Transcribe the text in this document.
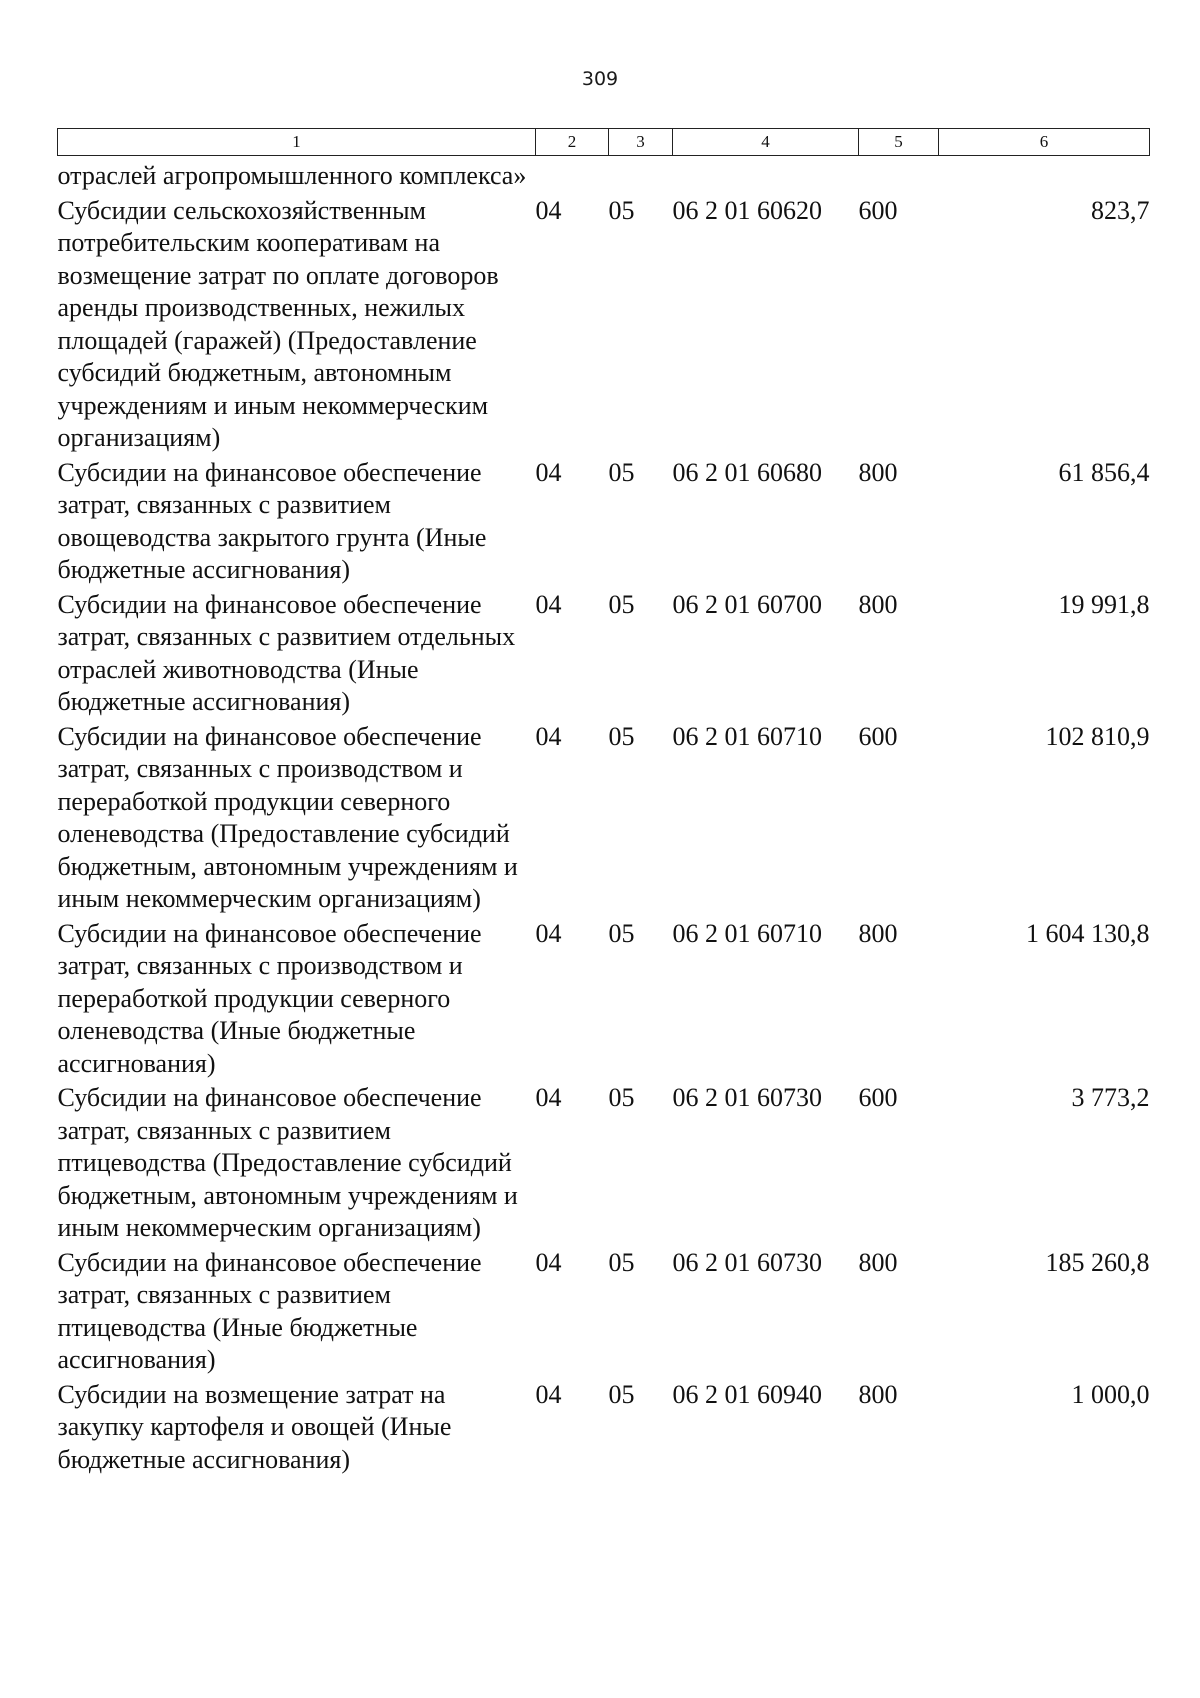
309
1	2	3	4	5	6
отраслей агропромышленного комплекса»					
Субсидии сельскохозяйственным потребительским кооперативам на возмещение затрат по оплате договоров аренды производственных, нежилых площадей (гаражей) (Предоставление субсидий бюджетным, автономным учреждениям и иным некоммерческим организациям)	04	05	06 2 01 60620	600	823,7
Субсидии на финансовое обеспечение затрат, связанных с развитием овощеводства закрытого грунта (Иные бюджетные ассигнования)	04	05	06 2 01 60680	800	61 856,4
Субсидии на финансовое обеспечение затрат, связанных с развитием отдельных отраслей животноводства (Иные бюджетные ассигнования)	04	05	06 2 01 60700	800	19 991,8
Субсидии на финансовое обеспечение затрат, связанных с производством и переработкой продукции северного оленеводства (Предоставление субсидий бюджетным, автономным учреждениям и иным некоммерческим организациям)	04	05	06 2 01 60710	600	102 810,9
Субсидии на финансовое обеспечение затрат, связанных с производством и переработкой продукции северного оленеводства (Иные бюджетные ассигнования)	04	05	06 2 01 60710	800	1 604 130,8
Субсидии на финансовое обеспечение затрат, связанных с развитием птицеводства (Предоставление субсидий бюджетным, автономным учреждениям и иным некоммерческим организациям)	04	05	06 2 01 60730	600	3 773,2
Субсидии на финансовое обеспечение затрат, связанных с развитием птицеводства (Иные бюджетные ассигнования)	04	05	06 2 01 60730	800	185 260,8
Субсидии на возмещение затрат на закупку картофеля и овощей (Иные бюджетные ассигнования)	04	05	06 2 01 60940	800	1 000,0
